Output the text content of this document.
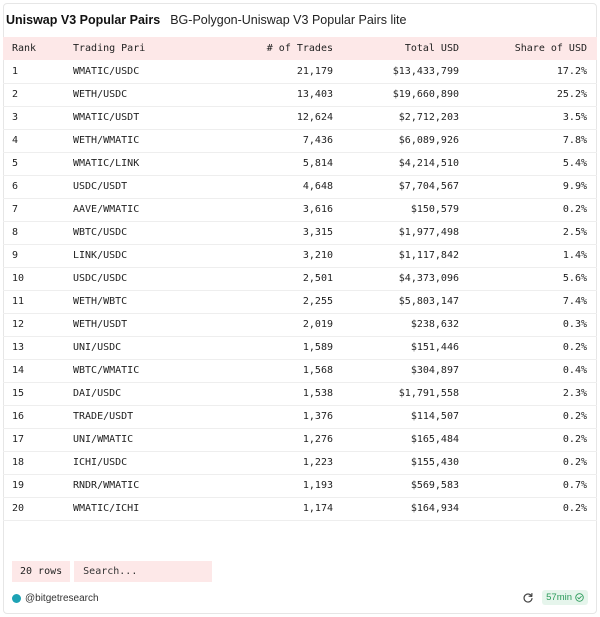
Uniswap V3 Popular Pairs BG-Polygon-Uniswap V3 Popular Pairs lite
Rank	Trading Pari	# of Trades	Total USD	Share of USD
1	WMATIC/USDC	21,179	$13,433,799	17.2%
2	WETH/USDC	13,403	$19,660,890	25.2%
3	WMATIC/USDT	12,624	$2,712,203	3.5%
4	WETH/WMATIC	7,436	$6,089,926	7.8%
5	WMATIC/LINK	5,814	$4,214,510	5.4%
6	USDC/USDT	4,648	$7,704,567	9.9%
7	AAVE/WMATIC	3,616	$150,579	0.2%
8	WBTC/USDC	3,315	$1,977,498	2.5%
9	LINK/USDC	3,210	$1,117,842	1.4%
10	USDC/USDC	2,501	$4,373,096	5.6%
11	WETH/WBTC	2,255	$5,803,147	7.4%
12	WETH/USDT	2,019	$238,632	0.3%
13	UNI/USDC	1,589	$151,446	0.2%
14	WBTC/WMATIC	1,568	$304,897	0.4%
15	DAI/USDC	1,538	$1,791,558	2.3%
16	TRADE/USDT	1,376	$114,507	0.2%
17	UNI/WMATIC	1,276	$165,484	0.2%
18	ICHI/USDC	1,223	$155,430	0.2%
19	RNDR/WMATIC	1,193	$569,583	0.7%
20	WMATIC/ICHI	1,174	$164,934	0.2%
20 rows
Search...
@bitgetresearch	57min
